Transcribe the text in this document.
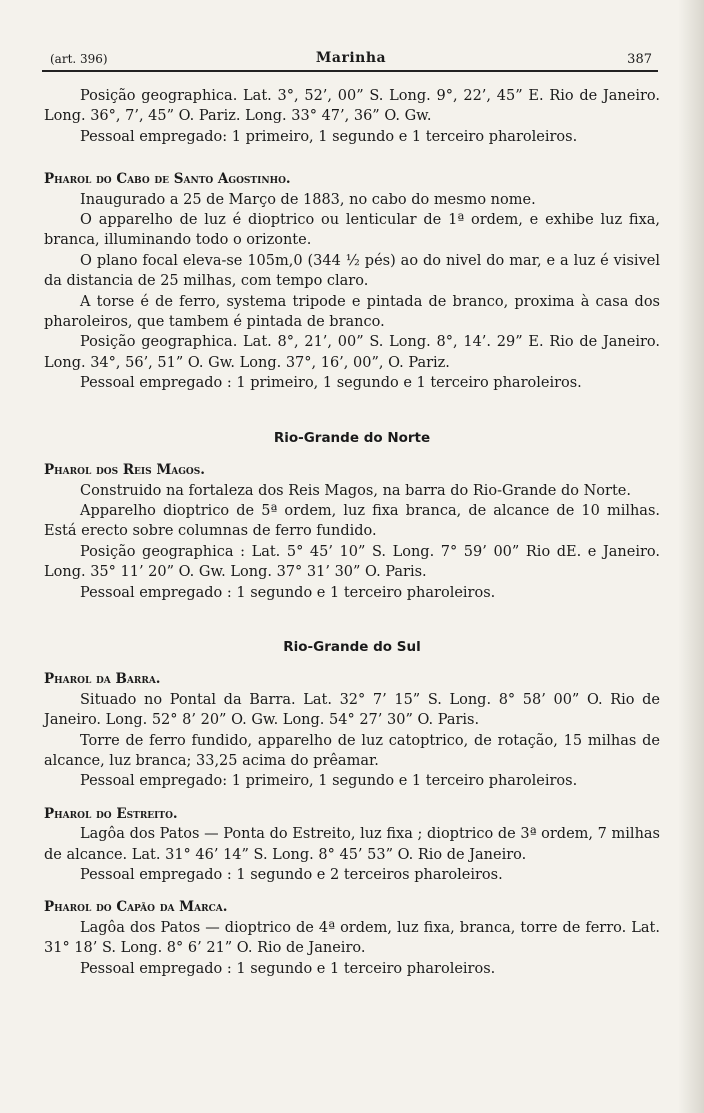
(art. 396)	Marinha	387

Posição geographica. Lat. 3°, 52’, 00” S. Long. 9°, 22’, 45” E. Rio de Janeiro. Long. 36°, 7’, 45” O. Pariz. Long. 33° 47’, 36” O. Gw.

Pessoal empregado: 1 primeiro, 1 segundo e 1 terceiro pharoleiros.

Pharol do Cabo de Santo Agostinho.

Inaugurado a 25 de Março de 1883, no cabo do mesmo nome.

O apparelho de luz é dioptrico ou lenticular de 1ª ordem, e exhibe luz fixa, branca, illuminando todo o orizonte.

O plano focal eleva-se 105m,0 (344 ½ pés) ao do nivel do mar, e a luz é visivel da distancia de 25 milhas, com tempo claro.

A torse é de ferro, systema tripode e pintada de branco, proxima à casa dos pharoleiros, que tambem é pintada de branco.

Posição geographica. Lat. 8°, 21’, 00” S. Long. 8°, 14’. 29” E. Rio de Janeiro. Long. 34°, 56’, 51” O. Gw. Long. 37°, 16’, 00”, O. Pariz.

Pessoal empregado : 1 primeiro, 1 segundo e 1 terceiro pharoleiros.

Rio-Grande do Norte

Pharol dos Reis Magos.

Construido na fortaleza dos Reis Magos, na barra do Rio-Grande do Norte.

Apparelho dioptrico de 5ª ordem, luz fixa branca, de alcance de 10 milhas. Está erecto sobre columnas de ferro fundido.

Posição geographica : Lat. 5° 45’ 10” S. Long. 7° 59’ 00” Rio dE. e Janeiro. Long. 35° 11’ 20” O. Gw. Long. 37° 31’ 30” O. Paris.

Pessoal empregado : 1 segundo e 1 terceiro pharoleiros.

Rio-Grande do Sul

Pharol da Barra.

Situado no Pontal da Barra. Lat. 32° 7’ 15” S. Long. 8° 58’ 00” O. Rio de Janeiro. Long. 52° 8’ 20” O. Gw. Long. 54° 27’ 30” O. Paris.

Torre de ferro fundido, apparelho de luz catoptrico, de rotação, 15 milhas de alcance, luz branca; 33,25 acima do prêamar.

Pessoal empregado: 1 primeiro, 1 segundo e 1 terceiro pharoleiros.

Pharol do Estreito.

Lagôa dos Patos — Ponta do Estreito, luz fixa ; dioptrico de 3ª ordem, 7 milhas de alcance. Lat. 31° 46’ 14” S. Long. 8° 45’ 53” O. Rio de Janeiro.

Pessoal empregado : 1 segundo e 2 terceiros pharoleiros.

Pharol do Capão da Marca.

Lagôa dos Patos — dioptrico de 4ª ordem, luz fixa, branca, torre de ferro. Lat. 31° 18’ S. Long. 8° 6’ 21” O. Rio de Janeiro.

Pessoal empregado : 1 segundo e 1 terceiro pharoleiros.
